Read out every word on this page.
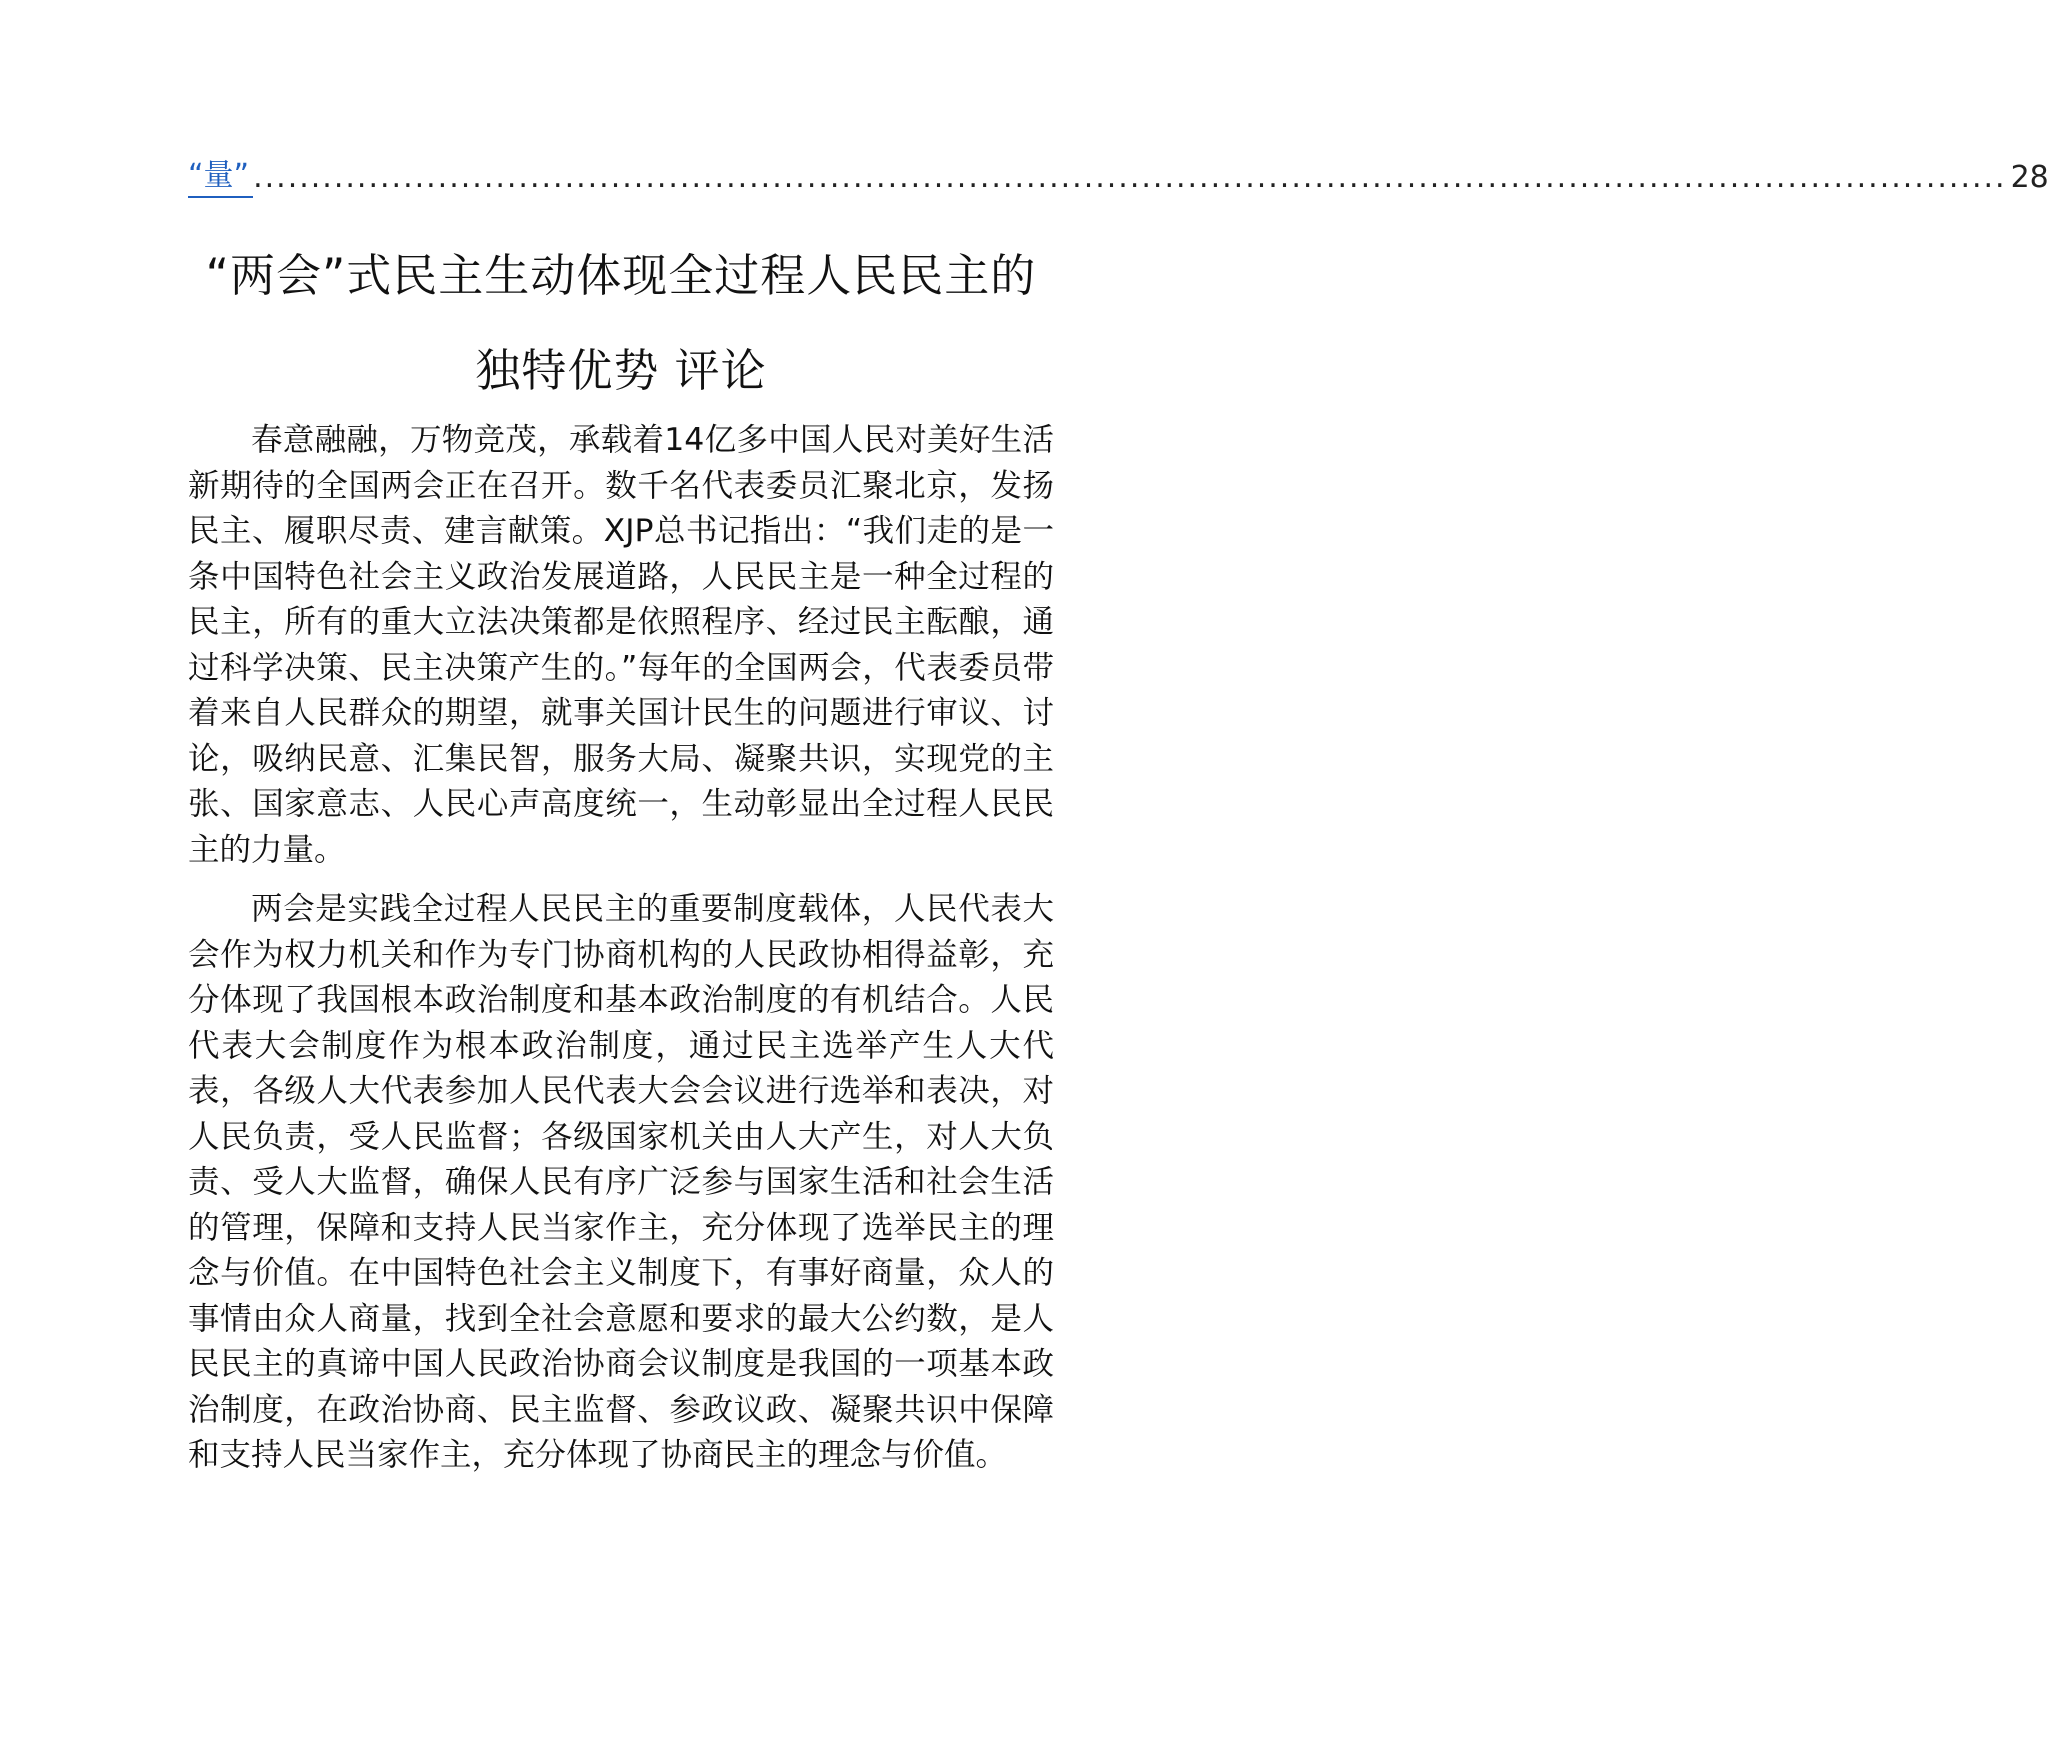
“量” ........................................................................................................................................................ 28
“两会”式民主生动体现全过程人民民主的独特优势 评论

春意融融，万物竞茂，承载着14亿多中国人民对美好生活新期待的全国两会正在召开。数千名代表委员汇聚北京，发扬民主、履职尽责、建言献策。XJP总书记指出：“我们走的是一条中国特色社会主义政治发展道路，人民民主是一种全过程的民主，所有的重大立法决策都是依照程序、经过民主酝酿，通过科学决策、民主决策产生的。”每年的全国两会，代表委员带着来自人民群众的期望，就事关国计民生的问题进行审议、讨论，吸纳民意、汇集民智，服务大局、凝聚共识，实现党的主张、国家意志、人民心声高度统一，生动彰显出全过程人民民主的力量。

两会是实践全过程人民民主的重要制度载体，人民代表大会作为权力机关和作为专门协商机构的人民政协相得益彰，充分体现了我国根本政治制度和基本政治制度的有机结合。人民代表大会制度作为根本政治制度，通过民主选举产生人大代表，各级人大代表参加人民代表大会会议进行选举和表决，对人民负责，受人民监督；各级国家机关由人大产生，对人大负责、受人大监督，确保人民有序广泛参与国家生活和社会生活的管理，保障和支持人民当家作主，充分体现了选举民主的理念与价值。在中国特色社会主义制度下，有事好商量，众人的事情由众人商量，找到全社会意愿和要求的最大公约数，是人民民主的真谛中国人民政治协商会议制度是我国的一项基本政治制度，在政治协商、民主监督、参政议政、凝聚共识中保障和支持人民当家作主，充分体现了协商民主的理念与价值。
